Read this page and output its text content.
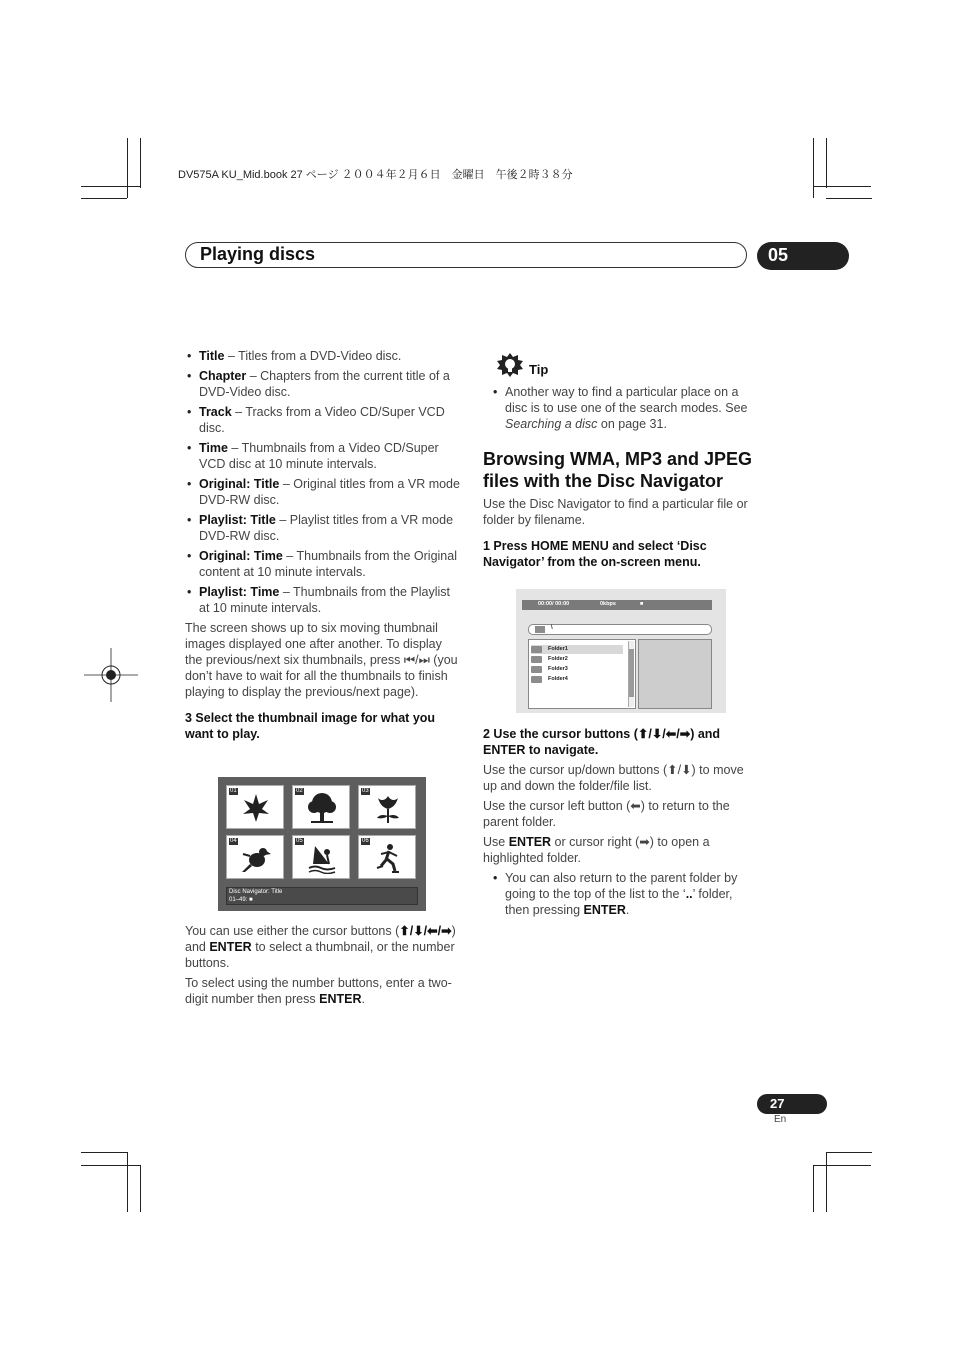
DV575A KU_Mid.book 27 ページ ２００４年２月６日　金曜日　午後２時３８分
Playing discs	05
• Title – Titles from a DVD-Video disc.
• Chapter – Chapters from the current title of a DVD-Video disc.
• Track – Tracks from a Video CD/Super VCD disc.
• Time – Thumbnails from a Video CD/Super VCD disc at 10 minute intervals.
• Original: Title – Original titles from a VR mode DVD-RW disc.
• Playlist: Title – Playlist titles from a VR mode DVD-RW disc.
• Original: Time – Thumbnails from the Original content at 10 minute intervals.
• Playlist: Time – Thumbnails from the Playlist at 10 minute intervals.

The screen shows up to six moving thumbnail images displayed one after another. To display the previous/next six thumbnails, press ⏮/⏭ (you don’t have to wait for all the thumbnails to finish playing to display the previous/next page).

3 Select the thumbnail image for what you want to play.
01	02	03
04	05	06
Disc Navigator: Title
01–49: ■

You can use either the cursor buttons (⬆/⬇/⬅/➡) and ENTER to select a thumbnail, or the number buttons.

To select using the number buttons, enter a two-digit number then press ENTER.

Tip
• Another way to find a particular place on a disc is to use one of the search modes. See Searching a disc on page 31.
Browsing WMA, MP3 and JPEG files with the Disc Navigator

Use the Disc Navigator to find a particular file or folder by filename.

1 Press HOME MENU and select ‘Disc Navigator’ from the on-screen menu.
00:00/ 00:00	0kbps	■
\
Folder1
Folder2
Folder3
Folder4
2 Use the cursor buttons (⬆/⬇/⬅/➡) and ENTER to navigate.

Use the cursor up/down buttons (⬆/⬇) to move up and down the folder/file list.

Use the cursor left button (⬅) to return to the parent folder.

Use ENTER or cursor right (➡) to open a highlighted folder.

• You can also return to the parent folder by going to the top of the list to the ‘..’ folder, then pressing ENTER.
27
En
